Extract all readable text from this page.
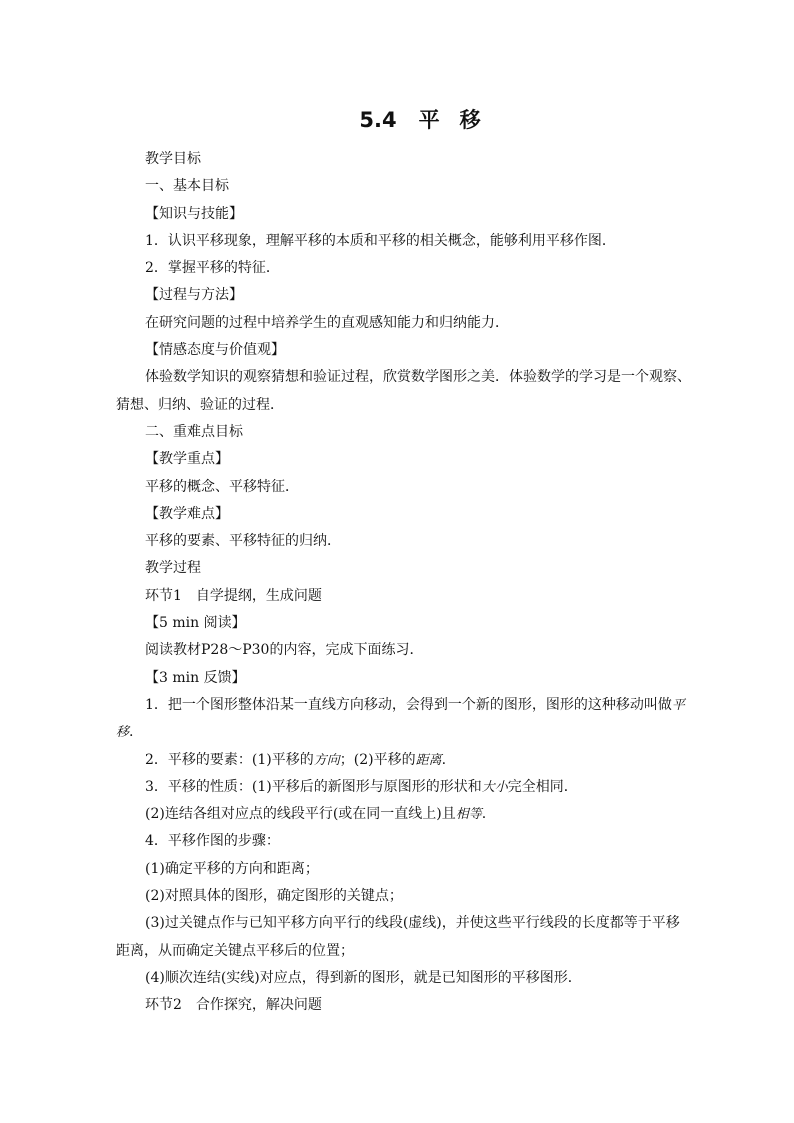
5.4 平 移
教学目标
一、基本目标
【知识与技能】
1．认识平移现象，理解平移的本质和平移的相关概念，能够利用平移作图．
2．掌握平移的特征．
【过程与方法】
在研究问题的过程中培养学生的直观感知能力和归纳能力．
【情感态度与价值观】
体验数学知识的观察猜想和验证过程，欣赏数学图形之美．体验数学的学习是一个观察、
猜想、归纳、验证的过程．
二、重难点目标
【教学重点】
平移的概念、平移特征．
【教学难点】
平移的要素、平移特征的归纳．
教学过程
环节1　自学提纲，生成问题
【5 min 阅读】
阅读教材P28～P30的内容，完成下面练习．
【3 min 反馈】
1．把一个图形整体沿某一直线方向移动，会得到一个新的图形，图形的这种移动叫做平
移.
2．平移的要素：(1)平移的方向；(2)平移的距离.
3．平移的性质：(1)平移后的新图形与原图形的形状和大小完全相同．
(2)连结各组对应点的线段平行(或在同一直线上)且相等.
4．平移作图的步骤：
(1)确定平移的方向和距离；
(2)对照具体的图形，确定图形的关键点；
(3)过关键点作与已知平移方向平行的线段(虚线)，并使这些平行线段的长度都等于平移
距离，从而确定关键点平移后的位置；
(4)顺次连结(实线)对应点，得到新的图形，就是已知图形的平移图形．
环节2　合作探究，解决问题
